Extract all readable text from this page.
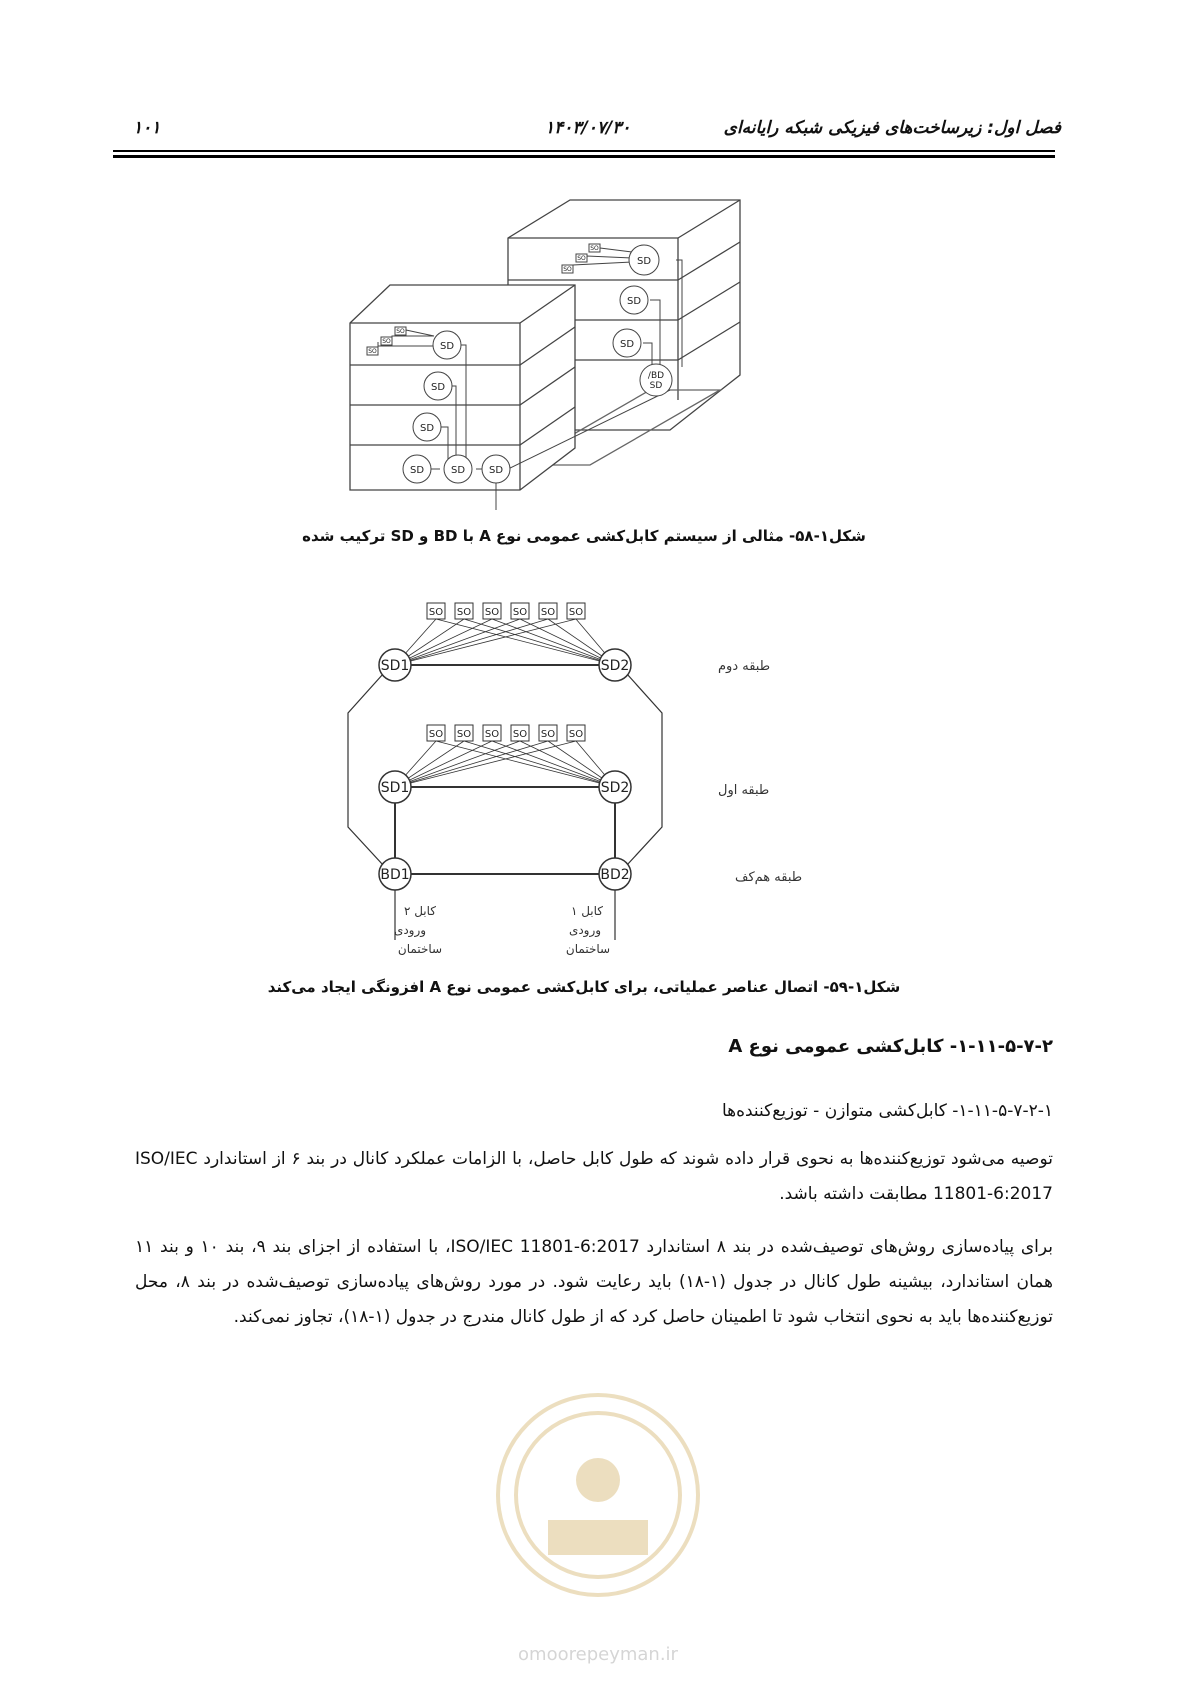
فصل اول: زیرساخت‌های فیزیکی شبکه رایانه‌ای
۱۴۰۳/۰۷/۳۰
۱۰۱
SO
SO
SO
SO
SO
SO
SD
SD
SD
SD	SD SD
SD
SD
SD
BD/
SD
شکل۱-۵۸- مثالی از سیستم کابل‌کشی عمومی نوع A با BD و SD ترکیب شده
SO SO SO SO SO SO
SO SO SO SO SO SO
SD1	SD2
SD1	SD2
BD1	BD2
طبقه دوم
طبقه اول
طبقه هم‌کف
کابل ۲
ورودی
ساختمان
کابل ۱
ورودی
ساختمان
شکل۱-۵۹- اتصال عناصر عملیاتی، برای کابل‌کشی عمومی نوع A افزونگی ایجاد می‌کند
۱-۱۱-۵-۷-۲- کابل‌کشی عمومی نوع A
۱-۱۱-۵-۷-۲-۱- کابل‌کشی متوازن - توزیع‌کننده‌ها
توصیه می‌شود توزیع‌کننده‌ها به نحوی قرار داده شوند که طول کابل حاصل، با الزامات عملکرد کانال در بند ۶ از استاندارد ISO/IEC 11801-6:2017 مطابقت داشته باشد.
برای پیاده‌سازی روش‌های توصیف‌شده در بند ۸ استاندارد ISO/IEC 11801-6:2017، با استفاده از اجزای بند ۹، بند ۱۰ و بند ۱۱ همان استاندارد، بیشینه طول کانال در جدول (۱-۱۸) باید رعایت شود. در مورد روش‌های پیاده‌سازی توصیف‌شده در بند ۸، محل توزیع‌کننده‌ها باید به نحوی انتخاب شود تا اطمینان حاصل کرد که از طول کانال مندرج در جدول (۱-۱۸)، تجاوز نمی‌کند.
omoorepeyman.ir
